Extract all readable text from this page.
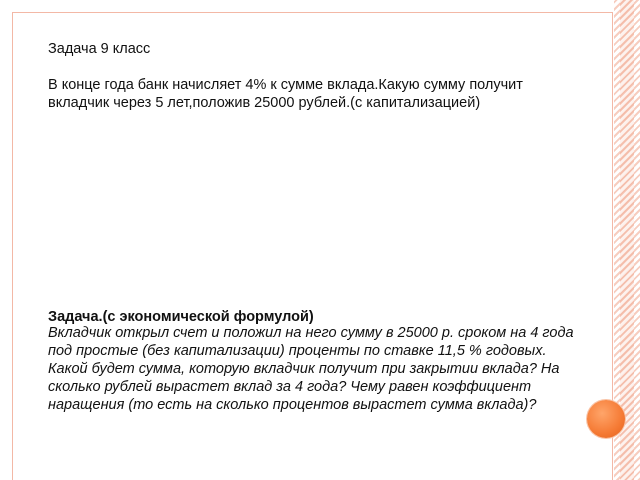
Задача 9 класс

В конце года банк начисляет 4% к сумме вклада.Какую сумму получит вкладчик через 5 лет,положив 25000 рублей.(с капитализацией)

Задача.(с экономической формулой)

Вкладчик открыл счет и положил на него сумму в 25000 р. сроком на 4 года под простые (без капитализации) проценты по ставке 11,5 % годовых. Какой будет сумма, которую вкладчик получит при закрытии вклада? На сколько рублей вырастет вклад за 4 года? Чему равен коэффициент наращения (то есть на сколько процентов вырастет сумма вклада)?
